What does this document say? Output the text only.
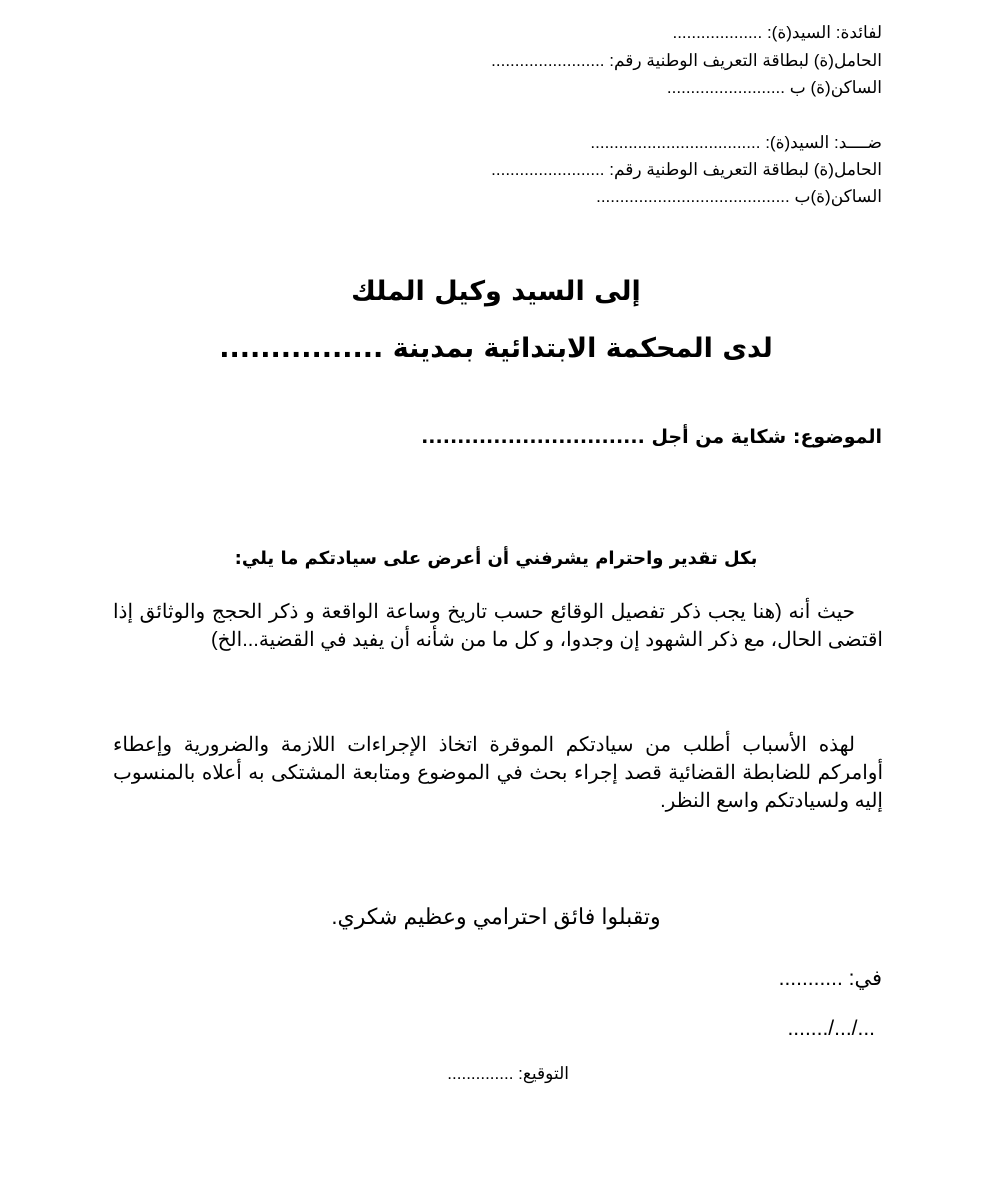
لفائدة: السيد(ة): ...................
الحامل(ة) لبطاقة التعريف الوطنية رقم: ........................
الساكن(ة) ب .........................
ضــــد: السيد(ة): ....................................
الحامل(ة) لبطاقة التعريف الوطنية رقم: ........................
الساكن(ة)ب .........................................
إلى السيد وكيل الملك
لدى المحكمة الابتدائية بمدينة ................
الموضوع: شكاية من أجل ...............................
بكل تقدير واحترام يشرفني أن أعرض على سيادتكم ما يلي:
حيث أنه (هنا يجب ذكر تفصيل الوقائع حسب تاريخ وساعة الواقعة و ذكر الحجج والوثائق إذا اقتضى الحال، مع ذكر الشهود إن وجدوا، و كل ما من شأنه أن يفيد في القضية...الخ)
لهذه الأسباب أطلب من سيادتكم الموقرة اتخاذ الإجراءات اللازمة والضرورية وإعطاء أوامركم للضابطة القضائية قصد إجراء بحث في الموضوع ومتابعة المشتكى به أعلاه بالمنسوب إليه ولسيادتكم واسع النظر.
وتقبلوا فائق احترامي وعظيم شكري.
في: ...........
......./.../...
التوقيع: ..............
